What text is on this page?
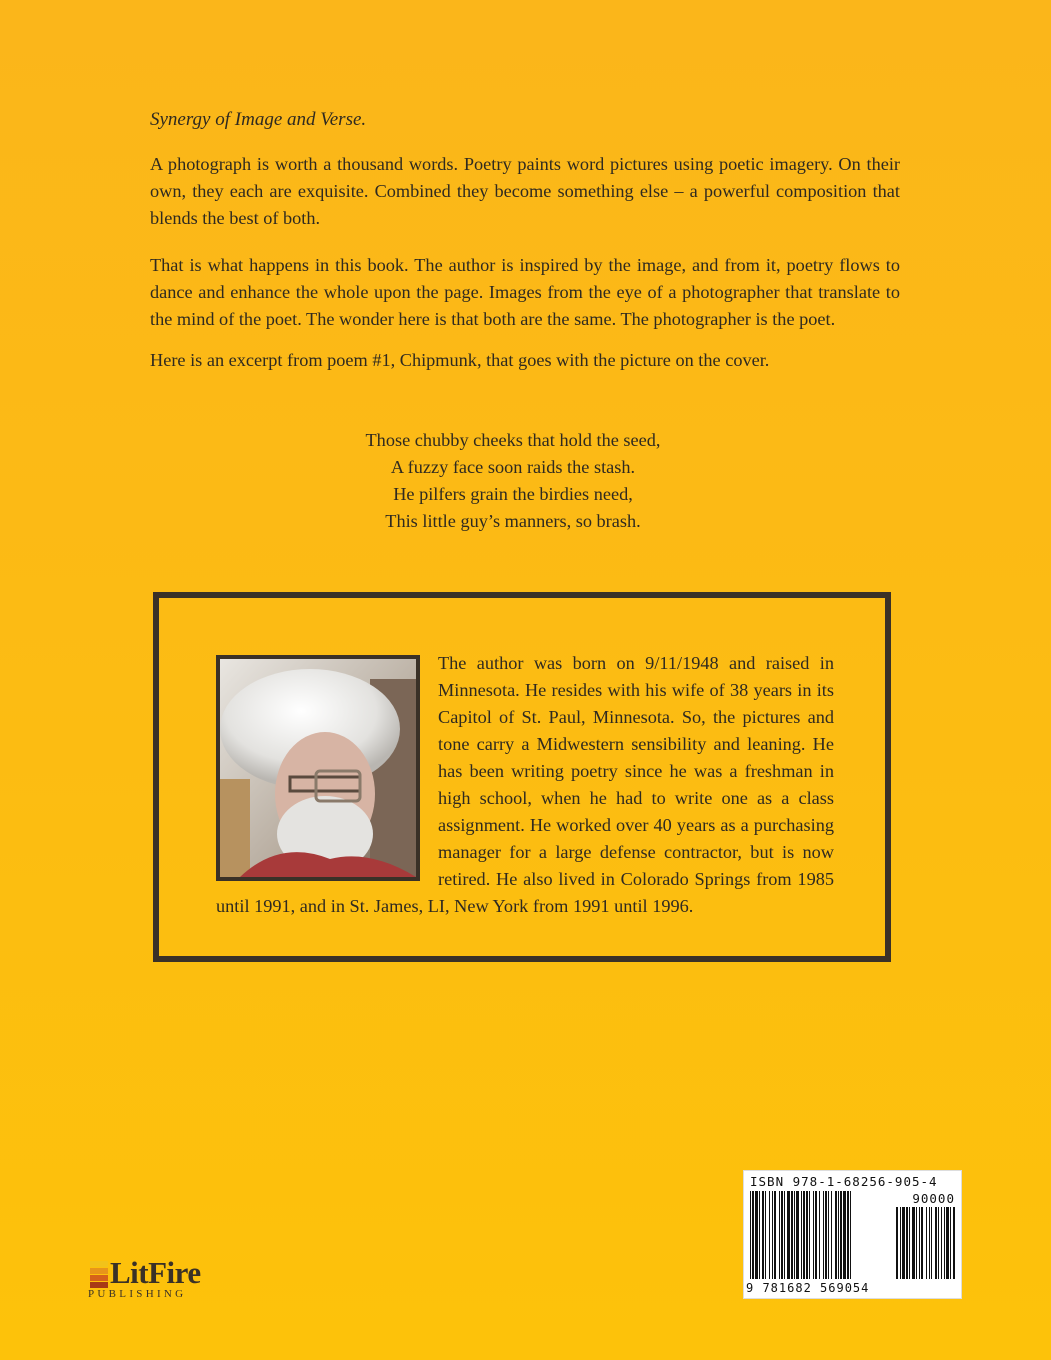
Synergy of Image and Verse.

A photograph is worth a thousand words. Poetry paints word pictures using poetic imagery. On their own, they each are exquisite. Combined they become something else – a powerful composition that blends the best of both.

That is what happens in this book. The author is inspired by the image, and from it, poetry flows to dance and enhance the whole upon the page. Images from the eye of a photographer that translate to the mind of the poet. The wonder here is that both are the same. The photographer is the poet.

Here is an excerpt from poem #1, Chipmunk, that goes with the picture on the cover.

Those chubby cheeks that hold the seed,
A fuzzy face soon raids the stash.
He pilfers grain the birdies need,
This little guy’s manners, so brash.

The author was born on 9/11/1948 and raised in Minnesota. He resides with his wife of 38 years in its Capitol of St. Paul, Minnesota. So, the pictures and tone carry a Midwestern sensibility and leaning. He has been writing poetry since he was a freshman in high school, when he had to write one as a class assignment. He worked over 40 years as a purchasing manager for a large defense contractor, but is now retired. He also lived in Colorado Springs from 1985 until 1991, and in St. James, LI, New York from 1991 until 1996.

ISBN 978-1-68256-905-4
90000
9 781682 569054
LitFire
PUBLISHING
